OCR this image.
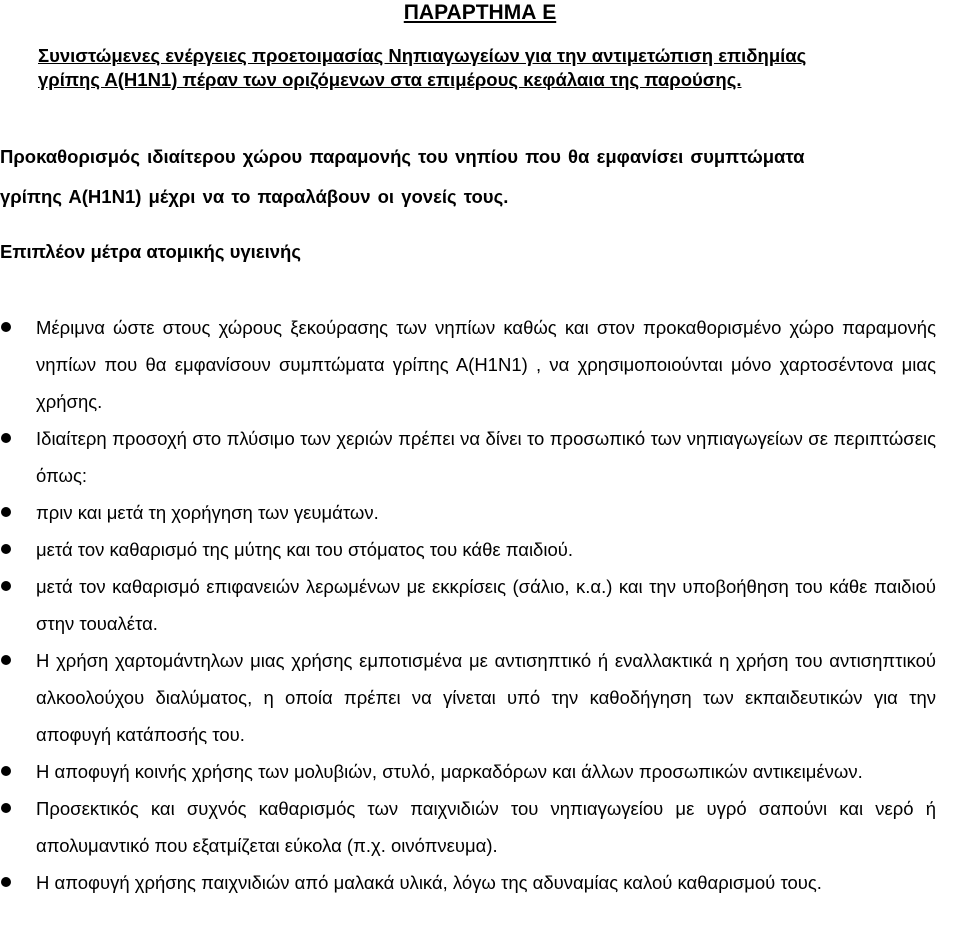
ΠΑΡΑΡΤΗΜΑ Ε
Συνιστώμενες ενέργειες προετοιμασίας Νηπιαγωγείων για την αντιμετώπιση επιδημίας
γρίπης Α(Η1Ν1) πέραν των οριζόμενων στα επιμέρους κεφάλαια της παρούσης.
Προκαθορισμός ιδιαίτερου χώρου παραμονής του νηπίου που θα εμφανίσει συμπτώματα
γρίπης Α(Η1Ν1) μέχρι να το παραλάβουν οι γονείς τους.
Επιπλέον μέτρα ατομικής υγιεινής
Μέριμνα ώστε στους χώρους ξεκούρασης των νηπίων καθώς και στον προκαθορισμένο χώρο παραμονής νηπίων που θα εμφανίσουν συμπτώματα γρίπης Α(Η1Ν1) , να χρησιμοποιούνται μόνο χαρτοσέντονα μιας χρήσης.
Ιδιαίτερη προσοχή στο πλύσιμο των χεριών πρέπει να δίνει το προσωπικό των νηπιαγωγείων σε περιπτώσεις όπως:
πριν και μετά τη χορήγηση των γευμάτων.
μετά τον καθαρισμό της μύτης και του στόματος του κάθε παιδιού.
μετά τον καθαρισμό επιφανειών λερωμένων με εκκρίσεις (σάλιο, κ.α.) και την υποβοήθηση του κάθε παιδιού στην τουαλέτα.
Η χρήση χαρτομάντηλων μιας χρήσης εμποτισμένα με αντισηπτικό ή εναλλακτικά η χρήση του αντισηπτικού αλκοολούχου διαλύματος, η οποία πρέπει να γίνεται υπό την καθοδήγηση των εκπαιδευτικών για την αποφυγή κατάποσής του.
Η αποφυγή κοινής χρήσης των μολυβιών, στυλό, μαρκαδόρων και άλλων προσωπικών αντικειμένων.
Προσεκτικός και συχνός καθαρισμός των παιχνιδιών του νηπιαγωγείου με υγρό σαπούνι και νερό ή απολυμαντικό που εξατμίζεται εύκολα (π.χ. οινόπνευμα).
Η αποφυγή χρήσης παιχνιδιών από μαλακά υλικά, λόγω της αδυναμίας καλού καθαρισμού τους.
